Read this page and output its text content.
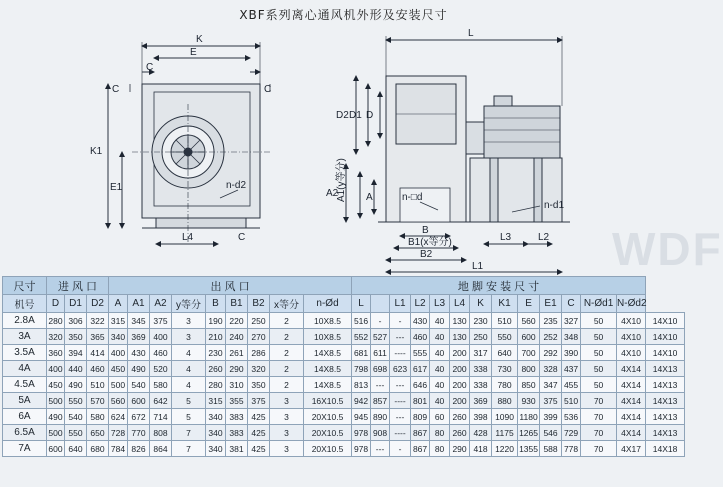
XBF系列离心通风机外形及安装尺寸
K
E
C
C	C
K1
E1	n-d2
L4	C
L
D2 D1 D
A2
A1(y等分) A	n-□d
n-d1
B
B1(x等分)
B2
L3	L2
L1	WDF
尺寸	进 风 口			出 风 口									地 脚 安 装 尺 寸													
机号	D	D1	D2	A	A1	A2	y等分	B	B1	B2	x等分	n-Ød	L		L1	L2	L3	L4	K	K1	E	E1	C	N-Ød1	N-Ød2	
2.8A	280	306	322	315	345	375	3	190	220	250	2	10X8.5	516	-	-	430	40	130	230	510	560	235	327	50	4X10	14X10
3A	320	350	365	340	369	400	3	210	240	270	2	10X8.5	552	527	---	460	40	130	250	550	600	252	348	50	4X10	14X10
3.5A	360	394	414	400	430	460	4	230	261	286	2	14X8.5	681	611	----	555	40	200	317	640	700	292	390	50	4X10	14X10
4A	400	440	460	450	490	520	4	260	290	320	2	14X8.5	798	698	623	617	40	200	338	730	800	328	437	50	4X14	14X13
4.5A	450	490	510	500	540	580	4	280	310	350	2	14X8.5	813	---	---	646	40	200	338	780	850	347	455	50	4X14	14X13
5A	500	550	570	560	600	642	5	315	355	375	3	16X10.5	942	857	----	801	40	200	369	880	930	375	510	70	4X14	14X13
6A	490	540	580	624	672	714	5	340	383	425	3	20X10.5	945	890	---	809	60	260	398	1090	1180	399	536	70	4X14	14X13
6.5A	500	550	650	728	770	808	7	340	383	425	3	20X10.5	978	908	----	867	80	260	428	1175	1265	546	729	70	4X14	14X13
7A	600	640	680	784	826	864	7	340	381	425	3	20X10.5	978	---	-	867	80	290	418	1220	1355	588	778	70	4X17	14X18
